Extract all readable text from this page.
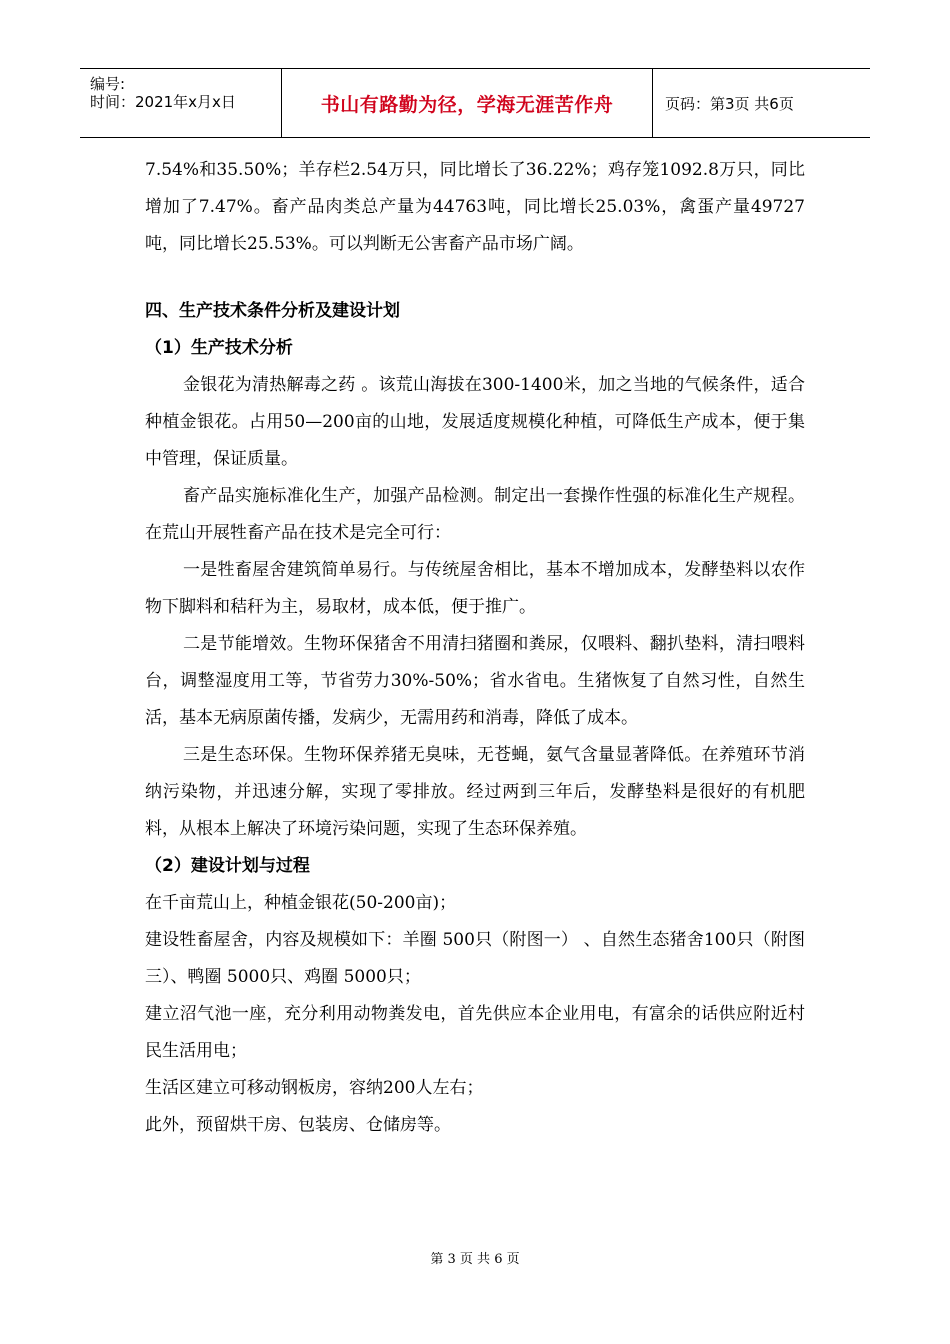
编号:
时间：2021年x月x日	书山有路勤为径，学海无涯苦作舟	页码：第3页 共6页

7.54%和35.50%；羊存栏2.54万只，同比增长了36.22%；鸡存笼1092.8万只，同比增加了7.47%。畜产品肉类总产量为44763吨，同比增长25.03%，禽蛋产量49727吨，同比增长25.53%。可以判断无公害畜产品市场广阔。

四、生产技术条件分析及建设计划

（1）生产技术分析

金银花为清热解毒之药 。该荒山海拔在300-1400米，加之当地的气候条件，适合种植金银花。占用50—200亩的山地，发展适度规模化种植，可降低生产成本，便于集中管理，保证质量。

畜产品实施标准化生产，加强产品检测。制定出一套操作性强的标准化生产规程。在荒山开展牲畜产品在技术是完全可行：

一是牲畜屋舍建筑简单易行。与传统屋舍相比，基本不增加成本，发酵垫料以农作物下脚料和秸秆为主，易取材，成本低，便于推广。

二是节能增效。生物环保猪舍不用清扫猪圈和粪尿，仅喂料、翻扒垫料，清扫喂料台，调整湿度用工等，节省劳力30%-50%；省水省电。生猪恢复了自然习性，自然生活，基本无病原菌传播，发病少，无需用药和消毒，降低了成本。

三是生态环保。生物环保养猪无臭味，无苍蝇，氨气含量显著降低。在养殖环节消纳污染物，并迅速分解，实现了零排放。经过两到三年后，发酵垫料是很好的有机肥料，从根本上解决了环境污染问题，实现了生态环保养殖。

（2）建设计划与过程

在千亩荒山上，种植金银花(50-200亩)；

建设牲畜屋舍，内容及规模如下：羊圈 500只（附图一） 、自然生态猪舍100只（附图三）、鸭圈 5000只、鸡圈 5000只；

建立沼气池一座，充分利用动物粪发电，首先供应本企业用电，有富余的话供应附近村民生活用电；

生活区建立可移动钢板房，容纳200人左右；

此外，预留烘干房、包装房、仓储房等。

第 3 页 共 6 页
